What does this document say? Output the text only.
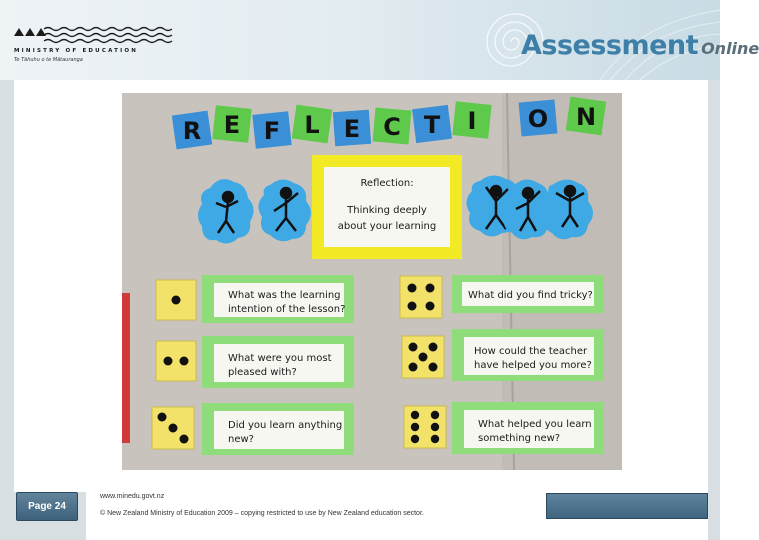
MINISTRY OF EDUCATION
Te Tāhuhu o te Mātauranga	Assessment Online
R E F L E C T I O N
Reflection:
Thinking deeply
about your learning
What was the learning
intention of the lesson?
What were you most
pleased with?
Did you learn anything
new?
What did you find tricky?
How could the teacher
have helped you more?
What helped you learn
something new?
Page 24
www.minedu.govt.nz
© New Zealand Ministry of Education 2009 – copying restricted to use by New Zealand education sector.
